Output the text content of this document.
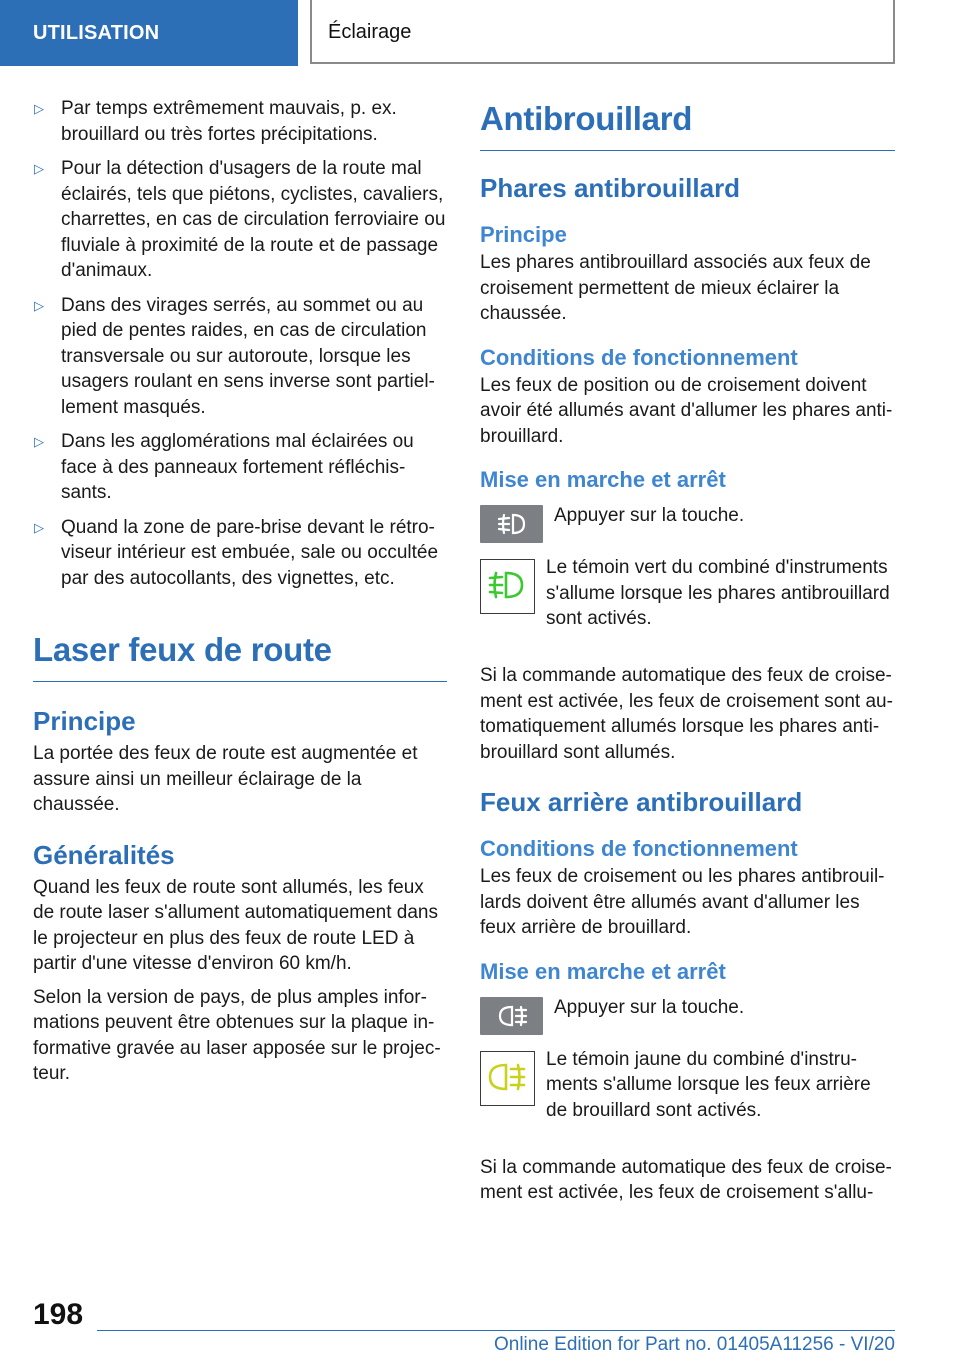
UTILISATION	Éclairage
▷ Par temps extrêmement mauvais, p. ex. brouillard ou très fortes précipitations.
▷ Pour la détection d'usagers de la route mal éclairés, tels que piétons, cyclistes, cavaliers, charrettes, en cas de circulation ferroviaire ou fluviale à proximité de la route et de passage d'animaux.
▷ Dans des virages serrés, au sommet ou au pied de pentes raides, en cas de circulation transversale ou sur autoroute, lorsque les usagers roulant en sens inverse sont partiel-lement masqués.
▷ Dans les agglomérations mal éclairées ou face à des panneaux fortement réfléchis-sants.
▷ Quand la zone de pare-brise devant le rétro-viseur intérieur est embuée, sale ou occultée par des autocollants, des vignettes, etc.
Laser feux de route
Principe

La portée des feux de route est augmentée et assure ainsi un meilleur éclairage de la chaussée.

Généralités

Quand les feux de route sont allumés, les feux de route laser s'allument automatiquement dans le projecteur en plus des feux de route LED à partir d'une vitesse d'environ 60 km/h.

Selon la version de pays, de plus amples infor-mations peuvent être obtenues sur la plaque in-formative gravée au laser apposée sur le projec-teur.

Antibrouillard
Phares antibrouillard
Principe

Les phares antibrouillard associés aux feux de croisement permettent de mieux éclairer la chaussée.

Conditions de fonctionnement

Les feux de position ou de croisement doivent avoir été allumés avant d'allumer les phares anti-brouillard.

Mise en marche et arrêt
Appuyer sur la touche.
Le témoin vert du combiné d'instruments s'allume lorsque les phares antibrouillard sont activés.

Si la commande automatique des feux de croise-ment est activée, les feux de croisement sont au-tomatiquement allumés lorsque les phares anti-brouillard sont allumés.

Feux arrière antibrouillard
Conditions de fonctionnement

Les feux de croisement ou les phares antibrouil-lards doivent être allumés avant d'allumer les feux arrière de brouillard.

Mise en marche et arrêt
Appuyer sur la touche.
Le témoin jaune du combiné d'instru-ments s'allume lorsque les feux arrière de brouillard sont activés.

Si la commande automatique des feux de croise-ment est activée, les feux de croisement s'allu-

198
Online Edition for Part no. 01405A11256 - VI/20
